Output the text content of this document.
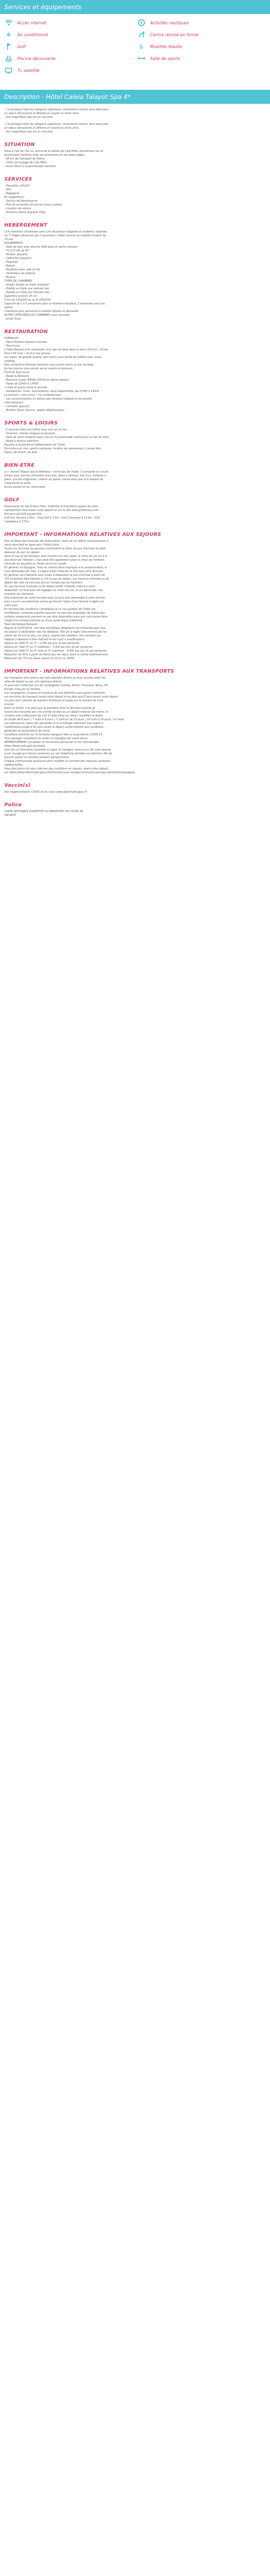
Services et équipements
Accès internet	Activités nautiques
❄	Air conditionné	Centre remise en forme
Golf	♿	Mobilité réduite
Piscine découverte	Salle de sports
Tv satellite
Description - Hôtel Caleia Talayot Spa 4*

- Ce boutique hôtel de catégorie supérieure, récemment rénové, sera idéal pour

un séjour découverte et détente en couple ou entre amis.

- Son magnifique spa est un vrai plus.

- Ce boutique hôtel de catégorie supérieure, récemment rénové, sera idéal pour

un séjour découverte et détente en couple ou entre amis.

- Son magnifique spa est un vrai plus.

SITUATION

Situé à l'est de l'île, au centre de la station de Cala Millor directement sur la

promenade maritime avec ses animations et ses jolies plages.

- 68 km de l'aéroport de Palma

- 250m de la plage de Cala Millor

- Accès direct à la promenade maritime

SERVICES

- Réception 24h/24

- Wifi

- Bagagerie

En supplément :

- Service de blanchisserie

- Prêt de serviettes de piscine (sous caution)

- Location de voiture

- Animaux admis (payant) 10kg

HEBERGEMENT

114 chambres climatisées avec une décoration élégante et moderne, réparties

sur 7 étages desservis par 2 ascenseurs. Hôtel réservé aux adultes à partir de

18 ans.

EQUIPEMENTS

- Salle de bain avec douche effet pluie et sèche cheveux

- TV LCD HD de 43"

- Minibar (payant)

- Coffre-fort (payant)

- Peignoirs

- Balcon

- Bouilloire avec café et thé

- Ventilateur de plafond

- Bureau

TYPES DE CHAMBRES

- Single, double ou triple standard

- Double ou triple vue latérale mer

- Double ou triple vue frontale mer :

Superficie environ 25 m2

2 lits de 120x200 ou un lit 200x200

Capacité de 1 à 3 personnes pour la chambre standard, 2 personnes pour les

autres

Chambres pour personne à mobilité réduite on demande

AUTRE CATEGORIES DE CHAMBRES nous consulter

- Junior Suite

RESTAURATION

FORMULES

- Demi-Pension boissons incluses

- Tout inclus

L'hôtel dispose d'un restaurant, d'un bar terrasse dans la zone chill-out « Ocean

Soul Chill Club » et d'un bar piscine.

Les repas, de grande qualité, sont servis sous forme de buffets avec show-

cooking.

Des cocktails et diverses boissons vous seront servis au bar terrasse.

Au bar piscine vous seront servis snacks et boissons.

Formule Tout Inclus

- Repas & Boissons

- Boissons (rayon 60h00 (21h00 en pleine saison)

- Tapas de 12h00 à 13h00

- Chips et glaces toute la journée

- Sandwiches, fruits, viennoiseries, salon disponibilité, de 17h00 à 19h00

La formule « tout inclus » ne comprend pas :

- Les consommations en dehors des horaires indiqués et les alcools

internationaux

- Cocktails, glaçons

- Minibar, Room Service, appels téléphoniques

SPORTS & LOISIRS

- 2 piscines dont une infinie avec vue sur la mer

- Solarium, chaises longues et parasols

- Salle de sport moderne avec vue sur la promenade maritime et la mer en fond

- Bains à remous extérieur

Payants à proximité et indépendants de l'hôtel

Excursions en mer, sports nautiques, location de catamarans, Cuevas dels

Hams, del Drach, de Artà

BIEN-ETRE

Le « Senshi Talayot Spa & Wellness » est le spa de l'hôtel. Il comporte un circuit

d'eaux avec piscine climatisée avec jets, bains à remous, bain turc, fontaine à

glace, piscine d'agrumes, chemin de galets, sauna ainsi que d'un espace de

traitements et soins.

Accès payant et sur réservation.

GOLF

Réservation de vos Greens Fees, matériels et transferts auprès de notre

représentant local avant votre départ ou sur le site www.golfamaco.com

Parcours de Golf à proximité :

Golf Son Servera à 5km - Pula Golf à 7 km - Golf Canyamel à 14 km - Golf

Capdepera à 17km

IMPORTANT - INFORMATIONS RELATIVES AUX SEJOURS

Pour le détail des formules de restauration, merci de se référer exclusivement à

notre descriptif en ligne pour l'hôtel choisi.

Toutes les formules de pension s'entendent du dîner du jour d'arrivée au petit

déjeuner du jour du départ.

Dans le cas où les boissons sont incluses lors des repas, le choix du vin est à la

discrétion de l'hôtelier. L'eau peut être également selon le choix de l'hôtelier :

minérale en bouteille ou filtrée servie en carafe.

En général, en Espagne, l'eau du robinet étant impropre à la consommation, si

vous demandez de l'eau, il s'agira d'eau minérale et elle vous sera facturée.

En général, les chambres sont mises à disposition le jour d'arrivée à partir de

15h et doivent être libérées à 10h le jour du départ. Les horaires d'arrivée ou de

départ des vols ne sont pas pris en compte par les hôteliers.

En cas d'arrivée matinale ou de départ tardif, l'hôtelier mettra à votre

disposition un local pour les bagages et, selon les cas, et sur demande, une

chambre de courtoisie.

Une empreinte de carte bancaire pour la vous être demandée à votre arrivée

pour couvrir vos éventuels extras qui feront l'objet d'une facture à régler sur

votre part.

En fonction des conditions climatiques ou si l'occupation de l'hôtel est

insuffisante, certaines activités peuvent ne pas être proposées de même que

certains restaurants peuvent ne pas être disponibles sans que cela puisse faire

l'objet d'un remboursement ou d'une quelconque indemnité.

Taxe touristique Baléares :

Depuis le 01/07/2016, une taxe touristique obligatoire est instaurée pour tous

les séjours à destination des îles Baléares. Elle est à régler directement par les

clients de 16 ans et plus, sur place, auprès des hôteliers. Son montant est

indiqué ci-dessous à titre indicatif et est sujet à modifications.

Séjours en hôtel 2* ou 3* : 2,20€ par jour et par personne

Séjours en hôtel 4* ou 3* supérieur : 3,30€ par jour et par personne.

Séjours en hôtel 5* ou 5* luxe ou 4* supérieur : 4,40€ par jour et par personne.

Réduction de 50% à partir du 9ème jour de séjour dans le même établissement.

Réduction de 75% en basse saison du 01/11 au 30/04

IMPORTANT - INFORMATIONS RELATIVES AUX TRANSPORTS

Les transports sont prévus par vols réguliers directs ou avec escales selon les

villes de départ ou par vols spéciaux directs.

Ils pourront s'effectuer sur les compagnies Vueling, Binter, Transavia, Iberia, Air

Europa, Easy Jet ou Volotea.

Les compagnies, horaires et numéros de vols définitifs vous seront confirmés

sur vos titres de transport avant votre départ et au plus tard 5 jours avant votre départ.

Les prix sont calculés de manière forfaitaire et basés sur le nombre de nuits

incluse.

Dans ce forfait, il se peut que la première et/ou la dernière journée se

trouve être écourtée par une arrivée tardive ou un départ matinal. De même, si

certains vols s'effectuent de nuit à l'aller et/ou au retour, modifiant la durée

du forfait de 8 jours / 7 nuits à 9 jours / 7 nuits ou de 15 jours / 14 nuits à 16 jours / 14 nuits.

Les redevances, taxes des aéroports et la surcharge carburant sont sujets à

modifications jusqu'à 30 jours avant le départ conformément aux conditions

générales et particulières de vente.

Conditions d'entrée sur le territoire espagnol liées à la pandémie COVID-19 :

Tout passager souhaitant se rendre en Espagne par avion devra

IMPERATIVEMENT compléter un formulaire personnel et non transférable :

https://www.spth.gob.es/create.

Une fois ce formulaire complété et signé, le voyageur recevra un QR code associé

à son voyage qu'il devra conserver sur son téléphone portable ou imprimer afin de

pouvoir passer le contrôle sanitaire aéroportuaire.

Chaque communauté autonome peut modifier ou prendre des mesures sanitaires

additionnelles.

Vous êtes tenus de vous informer des conditions en vigueur, avant votre départ,

sur https://www.diplomatie.gouv.fr/fr/conseils-aux-voyageurs/conseils-par-pays-destination/espagne/

Vaccin(s)

Voir réglementation COVID-19 en cours www.diplomatie.gouv.fr

Police

CARTE NATIONALE D'IDENTITÉ OU PASSEPORT EN COURS DE

VALIDITÉ
